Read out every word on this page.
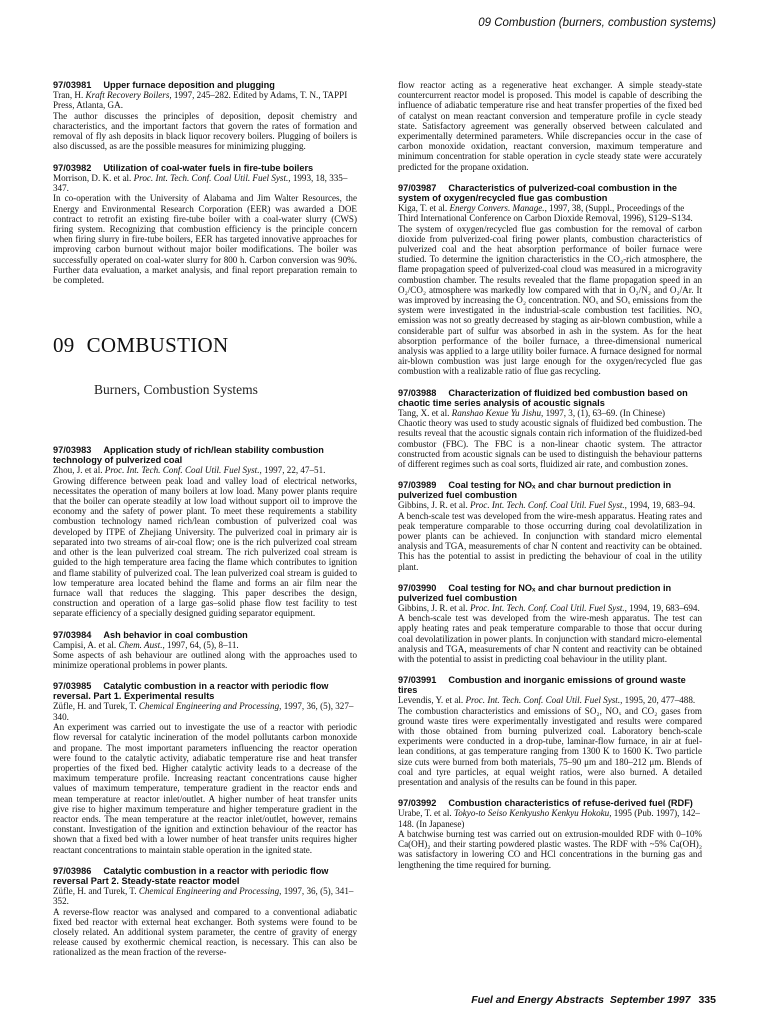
09 Combustion (burners, combustion systems)

97/03981 Upper furnace deposition and plugging

Tran, H. Kraft Recovery Boilers, 1997, 245–282. Edited by Adams, T. N., TAPPI Press, Atlanta, GA.

The author discusses the principles of deposition, deposit chemistry and characteristics, and the important factors that govern the rates of formation and removal of fly ash deposits in black liquor recovery boilers. Plugging of boilers is also discussed, as are the possible measures for minimizing plugging.

97/03982 Utilization of coal-water fuels in fire-tube boilers

Morrison, D. K. et al. Proc. Int. Tech. Conf. Coal Util. Fuel Syst., 1993, 18, 335–347.

In co-operation with the University of Alabama and Jim Walter Resources, the Energy and Environmental Research Corporation (EER) was awarded a DOE contract to retrofit an existing fire-tube boiler with a coal-water slurry (CWS) firing system. Recognizing that combustion efficiency is the principle concern when firing slurry in fire-tube boilers, EER has targeted innovative approaches for improving carbon burnout without major boiler modifications. The boiler was successfully operated on coal-water slurry for 800 h. Carbon conversion was 90%. Further data evaluation, a market analysis, and final report preparation remain to be completed.

09 COMBUSTION
Burners, Combustion Systems

97/03983 Application study of rich/lean stability combustion technology of pulverized coal

Zhou, J. et al. Proc. Int. Tech. Conf. Coal Util. Fuel Syst., 1997, 22, 47–51.

Growing difference between peak load and valley load of electrical networks, necessitates the operation of many boilers at low load. Many power plants require that the boiler can operate steadily at low load without support oil to improve the economy and the safety of power plant. To meet these requirements a stability combustion technology named rich/lean combustion of pulverized coal was developed by ITPE of Zhejiang University. The pulverized coal in primary air is separated into two streams of air-coal flow; one is the rich pulverized coal stream and other is the lean pulverized coal stream. The rich pulverized coal stream is guided to the high temperature area facing the flame which contributes to ignition and flame stability of pulverized coal. The lean pulverized coal stream is guided to low temperature area located behind the flame and forms an air film near the furnace wall that reduces the slagging. This paper describes the design, construction and operation of a large gas–solid phase flow test facility to test separate efficiency of a specially designed guiding separator equipment.

97/03984 Ash behavior in coal combustion

Campisi, A. et al. Chem. Aust., 1997, 64, (5), 8–11.

Some aspects of ash behaviour are outlined along with the approaches used to minimize operational problems in power plants.

97/03985 Catalytic combustion in a reactor with periodic flow reversal. Part 1. Experimental results

Züfle, H. and Turek, T. Chemical Engineering and Processing, 1997, 36, (5), 327–340.

An experiment was carried out to investigate the use of a reactor with periodic flow reversal for catalytic incineration of the model pollutants carbon monoxide and propane. The most important parameters influencing the reactor operation were found to the catalytic activity, adiabatic temperature rise and heat transfer properties of the fixed bed. Higher catalytic activity leads to a decrease of the maximum temperature profile. Increasing reactant concentrations cause higher values of maximum temperature, temperature gradient in the reactor ends and mean temperature at reactor inlet/outlet. A higher number of heat transfer units give rise to higher maximum temperature and higher temperature gradient in the reactor ends. The mean temperature at the reactor inlet/outlet, however, remains constant. Investigation of the ignition and extinction behaviour of the reactor has shown that a fixed bed with a lower number of heat transfer units requires higher reactant concentrations to maintain stable operation in the ignited state.

97/03986 Catalytic combustion in a reactor with periodic flow reversal Part 2. Steady-state reactor model

Züfle, H. and Turek, T. Chemical Engineering and Processing, 1997, 36, (5), 341–352.

A reverse-flow reactor was analysed and compared to a conventional adiabatic fixed bed reactor with external heat exchanger. Both systems were found to be closely related. An additional system parameter, the centre of gravity of energy release caused by exothermic chemical reaction, is necessary. This can also be rationalized as the mean fraction of the reverse-

flow reactor acting as a regenerative heat exchanger. A simple steady-state countercurrent reactor model is proposed. This model is capable of describing the influence of adiabatic temperature rise and heat transfer properties of the fixed bed of catalyst on mean reactant conversion and temperature profile in cycle steady state. Satisfactory agreement was generally observed between calculated and experimentally determined parameters. While discrepancies occur in the case of carbon monoxide oxidation, reactant conversion, maximum temperature and minimum concentration for stable operation in cycle steady state were accurately predicted for the propane oxidation.

97/03987 Characteristics of pulverized-coal combustion in the system of oxygen/recycled flue gas combustion

Kiga, T. et al. Energy Convers. Manage., 1997, 38, (Suppl., Proceedings of the Third International Conference on Carbon Dioxide Removal, 1996), S129–S134.

The system of oxygen/recycled flue gas combustion for the removal of carbon dioxide from pulverized-coal firing power plants, combustion characteristics of pulverized coal and the heat absorption performance of boiler furnace were studied. To determine the ignition characteristics in the CO₂-rich atmosphere, the flame propagation speed of pulverized-coal cloud was measured in a microgravity combustion chamber. The results revealed that the flame propagation speed in an O₂/CO₂ atmosphere was markedly low compared with that in O₂/N₂ and O₂/Ar. It was improved by increasing the O₂ concentration. NOₓ and SOₓ emissions from the system were investigated in the industrial-scale combustion test facilities. NOₓ emission was not so greatly decreased by staging as air-blown combustion, while a considerable part of sulfur was absorbed in ash in the system. As for the heat absorption performance of the boiler furnace, a three-dimensional numerical analysis was applied to a large utility boiler furnace. A furnace designed for normal air-blown combustion was just large enough for the oxygen/recycled flue gas combustion with a realizable ratio of flue gas recycling.

97/03988 Characterization of fluidized bed combustion based on chaotic time series analysis of acoustic signals

Tang, X. et al. Ranshao Kexue Yu Jishu, 1997, 3, (1), 63–69. (In Chinese)

Chaotic theory was used to study acoustic signals of fluidized bed combustion. The results reveal that the acoustic signals contain rich information of the fluidized-bed combustor (FBC). The FBC is a non-linear chaotic system. The attractor constructed from acoustic signals can be used to distinguish the behaviour patterns of different regimes such as coal sorts, fluidized air rate, and combustion zones.

97/03989 Coal testing for NOₓ and char burnout prediction in pulverized fuel combustion

Gibbins, J. R. et al. Proc. Int. Tech. Conf. Coal Util. Fuel Syst., 1994, 19, 683–94.

A bench-scale test was developed from the wire-mesh apparatus. Heating rates and peak temperature comparable to those occurring during coal devolatilization in power plants can be achieved. In conjunction with standard micro elemental analysis and TGA, measurements of char N content and reactivity can be obtained. This has the potential to assist in predicting the behaviour of coal in the utility plant.

97/03990 Coal testing for NOₓ and char burnout prediction in pulverized fuel combustion

Gibbins, J. R. et al. Proc. Int. Tech. Conf. Coal Util. Fuel Syst., 1994, 19, 683–694.

A bench-scale test was developed from the wire-mesh apparatus. The test can apply heating rates and peak temperature comparable to those that occur during coal devolatilization in power plants. In conjunction with standard micro-elemental analysis and TGA, measurements of char N content and reactivity can be obtained with the potential to assist in predicting coal behaviour in the utility plant.

97/03991 Combustion and inorganic emissions of ground waste tires

Levendis, Y. et al. Proc. Int. Tech. Conf. Coal Util. Fuel Syst., 1995, 20, 477–488.

The combustion characteristics and emissions of SO₂, NOₓ and CO₂ gases from ground waste tires were experimentally investigated and results were compared with those obtained from burning pulverized coal. Laboratory bench-scale experiments were conducted in a drop-tube, laminar-flow furnace, in air at fuel-lean conditions, at gas temperature ranging from 1300 K to 1600 K. Two particle size cuts were burned from both materials, 75–90 μm and 180–212 μm. Blends of coal and tyre particles, at equal weight ratios, were also burned. A detailed presentation and analysis of the results can be found in this paper.

97/03992 Combustion characteristics of refuse-derived fuel (RDF)

Urabe, T. et al. Tokyo-to Seiso Kenkyusho Kenkyu Hokoku, 1995 (Pub. 1997), 142–148. (In Japanese)

A batchwise burning test was carried out on extrusion-moulded RDF with 0–10% Ca(OH)₂ and their starting powdered plastic wastes. The RDF with ~5% Ca(OH)₂ was satisfactory in lowering CO and HCl concentrations in the burning gas and lengthening the time required for burning.

Fuel and Energy Abstracts September 1997 335
